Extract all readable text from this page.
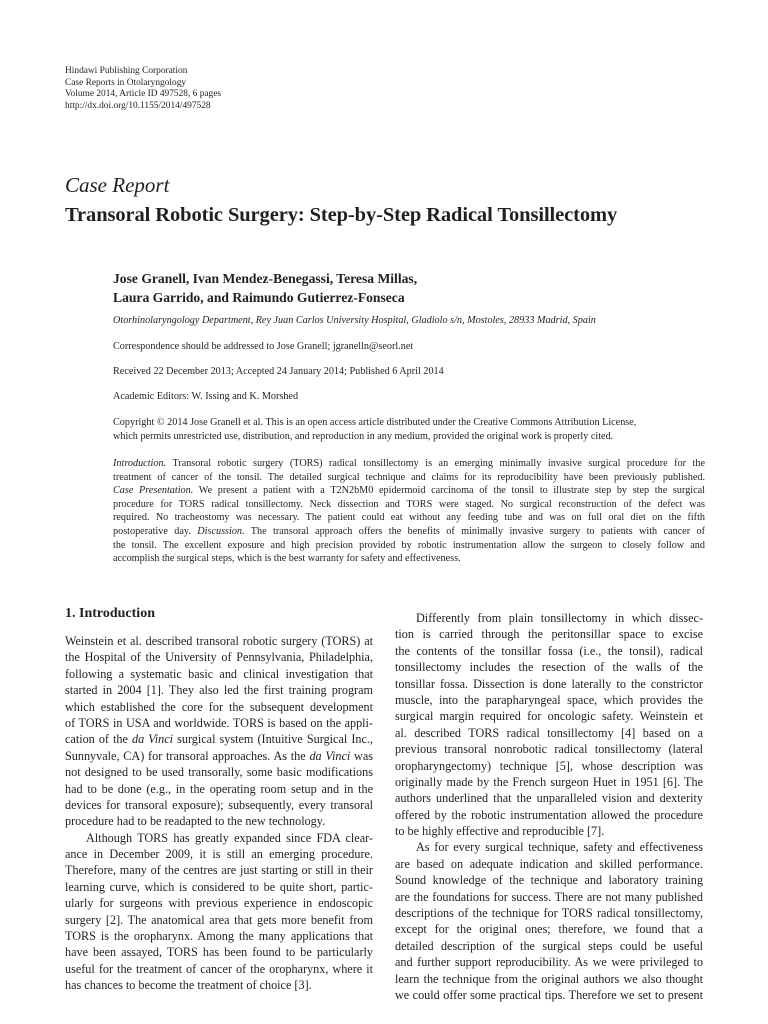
Hindawi Publishing Corporation
Case Reports in Otolaryngology
Volume 2014, Article ID 497528, 6 pages
http://dx.doi.org/10.1155/2014/497528
Case Report
Transoral Robotic Surgery: Step-by-Step Radical Tonsillectomy
Jose Granell, Ivan Mendez-Benegassi, Teresa Millas,
Laura Garrido, and Raimundo Gutierrez-Fonseca
Otorhinolaryngology Department, Rey Juan Carlos University Hospital, Gladiolo s/n, Mostoles, 28933 Madrid, Spain
Correspondence should be addressed to Jose Granell; jgranelln@seorl.net
Received 22 December 2013; Accepted 24 January 2014; Published 6 April 2014
Academic Editors: W. Issing and K. Morshed
Copyright © 2014 Jose Granell et al. This is an open access article distributed under the Creative Commons Attribution License,
which permits unrestricted use, distribution, and reproduction in any medium, provided the original work is properly cited.
Introduction. Transoral robotic surgery (TORS) radical tonsillectomy is an emerging minimally invasive surgical procedure for the
treatment of cancer of the tonsil. The detailed surgical technique and claims for its reproducibility have been previously published.
Case Presentation. We present a patient with a T2N2bM0 epidermoid carcinoma of the tonsil to illustrate step by step the surgical
procedure for TORS radical tonsillectomy. Neck dissection and TORS were staged. No surgical reconstruction of the defect was
required. No tracheostomy was necessary. The patient could eat without any feeding tube and was on full oral diet on the fifth
postoperative day. Discussion. The transoral approach offers the benefits of minimally invasive surgery to patients with cancer of
the tonsil. The excellent exposure and high precision provided by robotic instrumentation allow the surgeon to closely follow and
accomplish the surgical steps, which is the best warranty for safety and effectiveness.
1. Introduction
Weinstein et al. described transoral robotic surgery (TORS) at
the Hospital of the University of Pennsylvania, Philadelphia,
following a systematic basic and clinical investigation that
started in 2004 [1]. They also led the first training program
which established the core for the subsequent development
of TORS in USA and worldwide. TORS is based on the appli-
cation of the da Vinci surgical system (Intuitive Surgical Inc.,
Sunnyvale, CA) for transoral approaches. As the da Vinci was
not designed to be used transorally, some basic modifications
had to be done (e.g., in the operating room setup and in the
devices for transoral exposure); subsequently, every transoral
procedure had to be readapted to the new technology.
Although TORS has greatly expanded since FDA clear-
ance in December 2009, it is still an emerging procedure.
Therefore, many of the centres are just starting or still in their
learning curve, which is considered to be quite short, partic-
ularly for surgeons with previous experience in endoscopic
surgery [2]. The anatomical area that gets more benefit from
TORS is the oropharynx. Among the many applications that
have been assayed, TORS has been found to be particularly
useful for the treatment of cancer of the oropharynx, where it
has chances to become the treatment of choice [3].
Differently from plain tonsillectomy in which dissec-
tion is carried through the peritonsillar space to excise
the contents of the tonsillar fossa (i.e., the tonsil), radical
tonsillectomy includes the resection of the walls of the
tonsillar fossa. Dissection is done laterally to the constrictor
muscle, into the parapharyngeal space, which provides the
surgical margin required for oncologic safety. Weinstein et
al. described TORS radical tonsillectomy [4] based on a
previous transoral nonrobotic radical tonsillectomy (lateral
oropharyngectomy) technique [5], whose description was
originally made by the French surgeon Huet in 1951 [6]. The
authors underlined that the unparalleled vision and dexterity
offered by the robotic instrumentation allowed the procedure
to be highly effective and reproducible [7].
As for every surgical technique, safety and effectiveness
are based on adequate indication and skilled performance.
Sound knowledge of the technique and laboratory training
are the foundations for success. There are not many published
descriptions of the technique for TORS radical tonsillectomy,
except for the original ones; therefore, we found that a
detailed description of the surgical steps could be useful
and further support reproducibility. As we were privileged to
learn the technique from the original authors we also thought
we could offer some practical tips. Therefore we set to present
